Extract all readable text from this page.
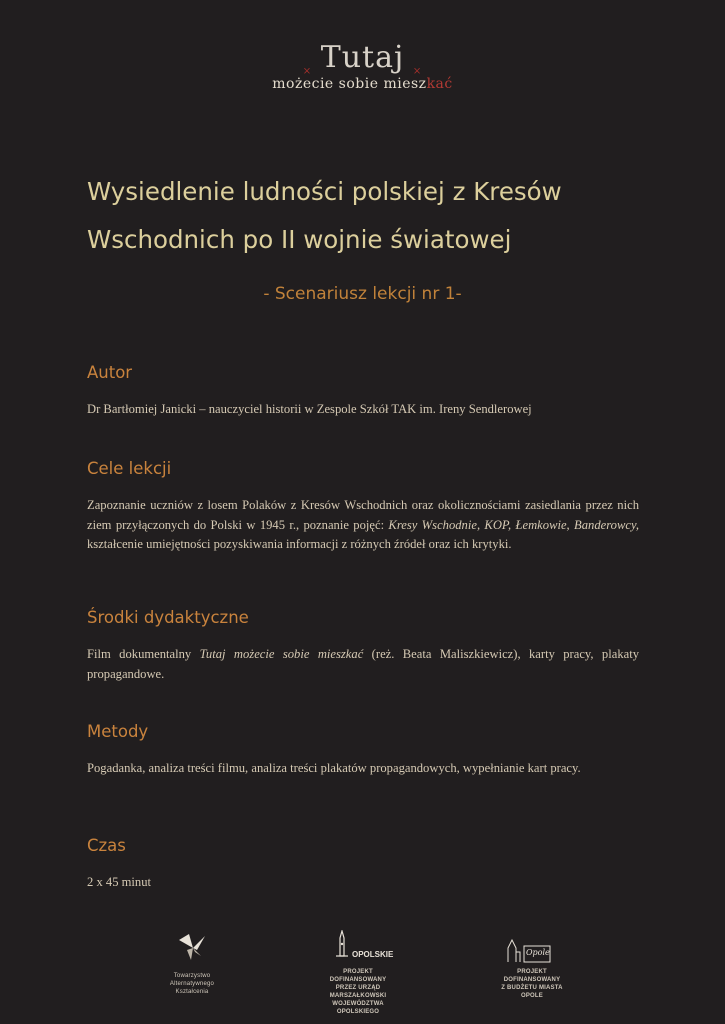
× Tutaj ×
możecie sobie mieszkać
Wysiedlenie ludności polskiej z Kresów Wschodnich po II wojnie światowej
- Scenariusz lekcji nr 1-
Autor

Dr Bartłomiej Janicki – nauczyciel historii w Zespole Szkół TAK im. Ireny Sendlerowej

Cele lekcji

Zapoznanie uczniów z losem Polaków z Kresów Wschodnich oraz okolicznościami zasiedlania przez nich ziem przyłączonych do Polski w 1945 r., poznanie pojęć: Kresy Wschodnie, KOP, Łemkowie, Banderowcy, kształcenie umiejętności pozyskiwania informacji z różnych źródeł oraz ich krytyki.

Środki dydaktyczne

Film dokumentalny Tutaj możecie sobie mieszkać (reż. Beata Maliszkiewicz), karty pracy, plakaty propagandowe.

Metody

Pogadanka, analiza treści filmu, analiza treści plakatów propagandowych, wypełnianie kart pracy.

Czas

2 x 45 minut

Towarzystwo
Alternatywnego
Kształcenia
OPOLSKIE
PROJEKT DOFINANSOWANY
PRZEZ URZĄD MARSZAŁKOWSKI
WOJEWÓDZTWA OPOLSKIEGO
Opole
PROJEKT DOFINANSOWANY
Z BUDŻETU MIASTA OPOLE
